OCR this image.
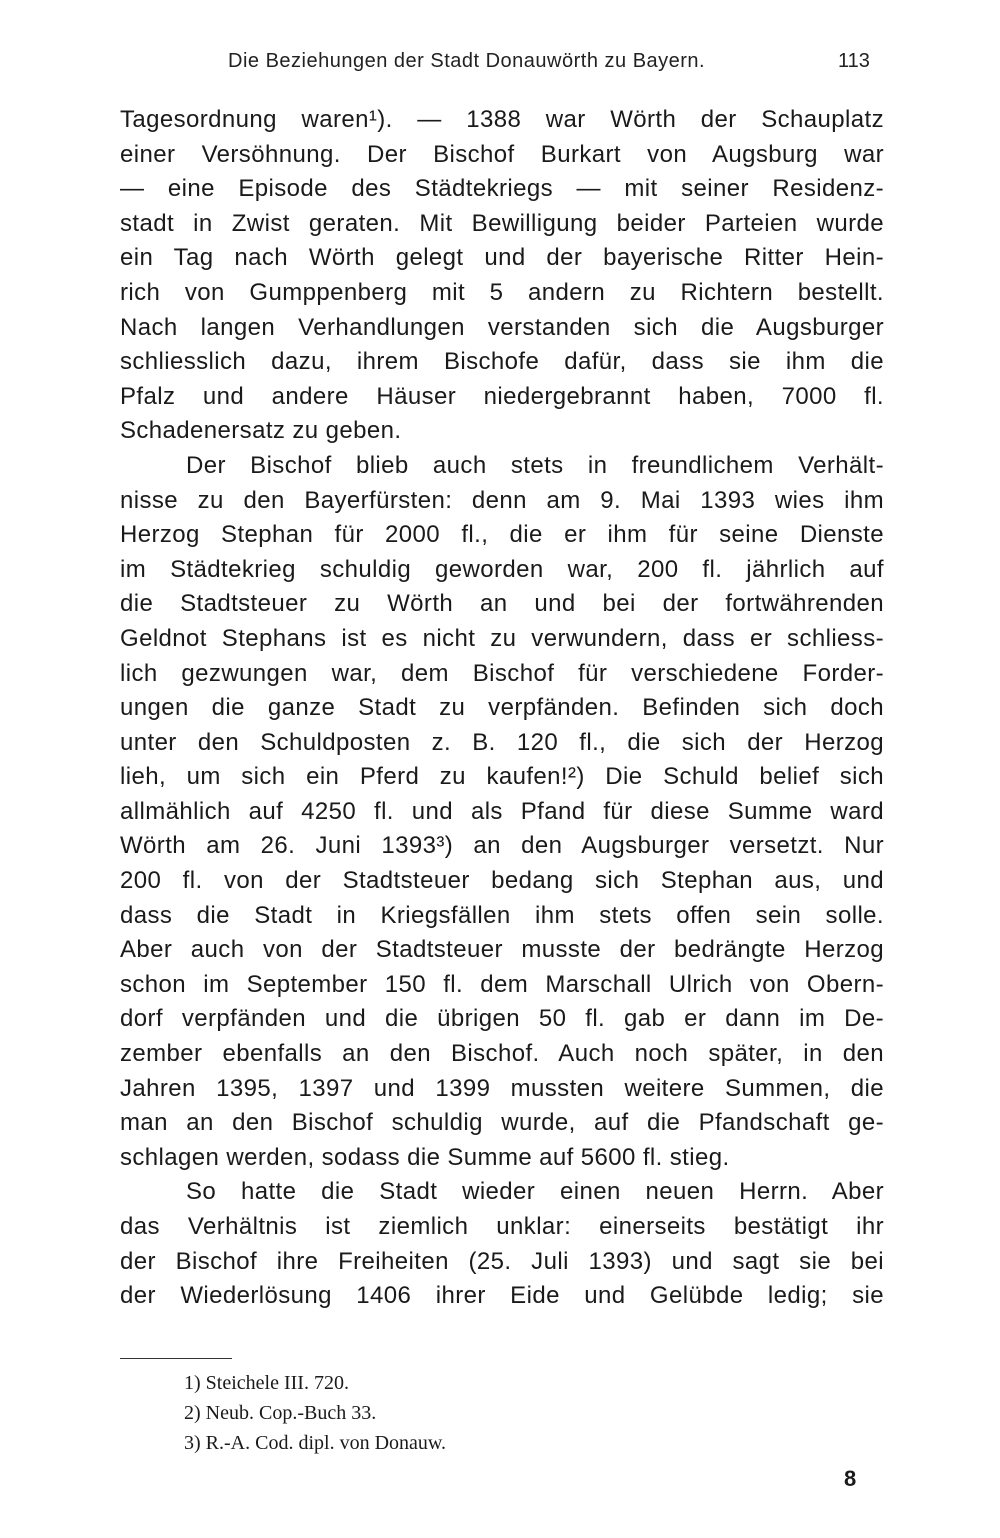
Die Beziehungen der Stadt Donauwörth zu Bayern.	113
Tagesordnung waren¹). — 1388 war Wörth der Schauplatz
einer Versöhnung. Der Bischof Burkart von Augsburg war
— eine Episode des Städtekriegs — mit seiner Residenz-
stadt in Zwist geraten. Mit Bewilligung beider Parteien wurde
ein Tag nach Wörth gelegt und der bayerische Ritter Hein-
rich von Gumppenberg mit 5 andern zu Richtern bestellt.
Nach langen Verhandlungen verstanden sich die Augsburger
schliesslich dazu, ihrem Bischofe dafür, dass sie ihm die
Pfalz und andere Häuser niedergebrannt haben, 7000 fl.
Schadenersatz zu geben.
Der Bischof blieb auch stets in freundlichem Verhält-
nisse zu den Bayerfürsten: denn am 9. Mai 1393 wies ihm
Herzog Stephan für 2000 fl., die er ihm für seine Dienste
im Städtekrieg schuldig geworden war, 200 fl. jährlich auf
die Stadtsteuer zu Wörth an und bei der fortwährenden
Geldnot Stephans ist es nicht zu verwundern, dass er schliess-
lich gezwungen war, dem Bischof für verschiedene Forder-
ungen die ganze Stadt zu verpfänden. Befinden sich doch
unter den Schuldposten z. B. 120 fl., die sich der Herzog
lieh, um sich ein Pferd zu kaufen!²) Die Schuld belief sich
allmählich auf 4250 fl. und als Pfand für diese Summe ward
Wörth am 26. Juni 1393³) an den Augsburger versetzt. Nur
200 fl. von der Stadtsteuer bedang sich Stephan aus, und
dass die Stadt in Kriegsfällen ihm stets offen sein solle.
Aber auch von der Stadtsteuer musste der bedrängte Herzog
schon im September 150 fl. dem Marschall Ulrich von Obern-
dorf verpfänden und die übrigen 50 fl. gab er dann im De-
zember ebenfalls an den Bischof. Auch noch später, in den
Jahren 1395, 1397 und 1399 mussten weitere Summen, die
man an den Bischof schuldig wurde, auf die Pfandschaft ge-
schlagen werden, sodass die Summe auf 5600 fl. stieg.
So hatte die Stadt wieder einen neuen Herrn. Aber
das Verhältnis ist ziemlich unklar: einerseits bestätigt ihr
der Bischof ihre Freiheiten (25. Juli 1393) und sagt sie bei
der Wiederlösung 1406 ihrer Eide und Gelübde ledig; sie
1) Steichele III. 720.
2) Neub. Cop.-Buch 33.
3) R.-A. Cod. dipl. von Donauw.
8
